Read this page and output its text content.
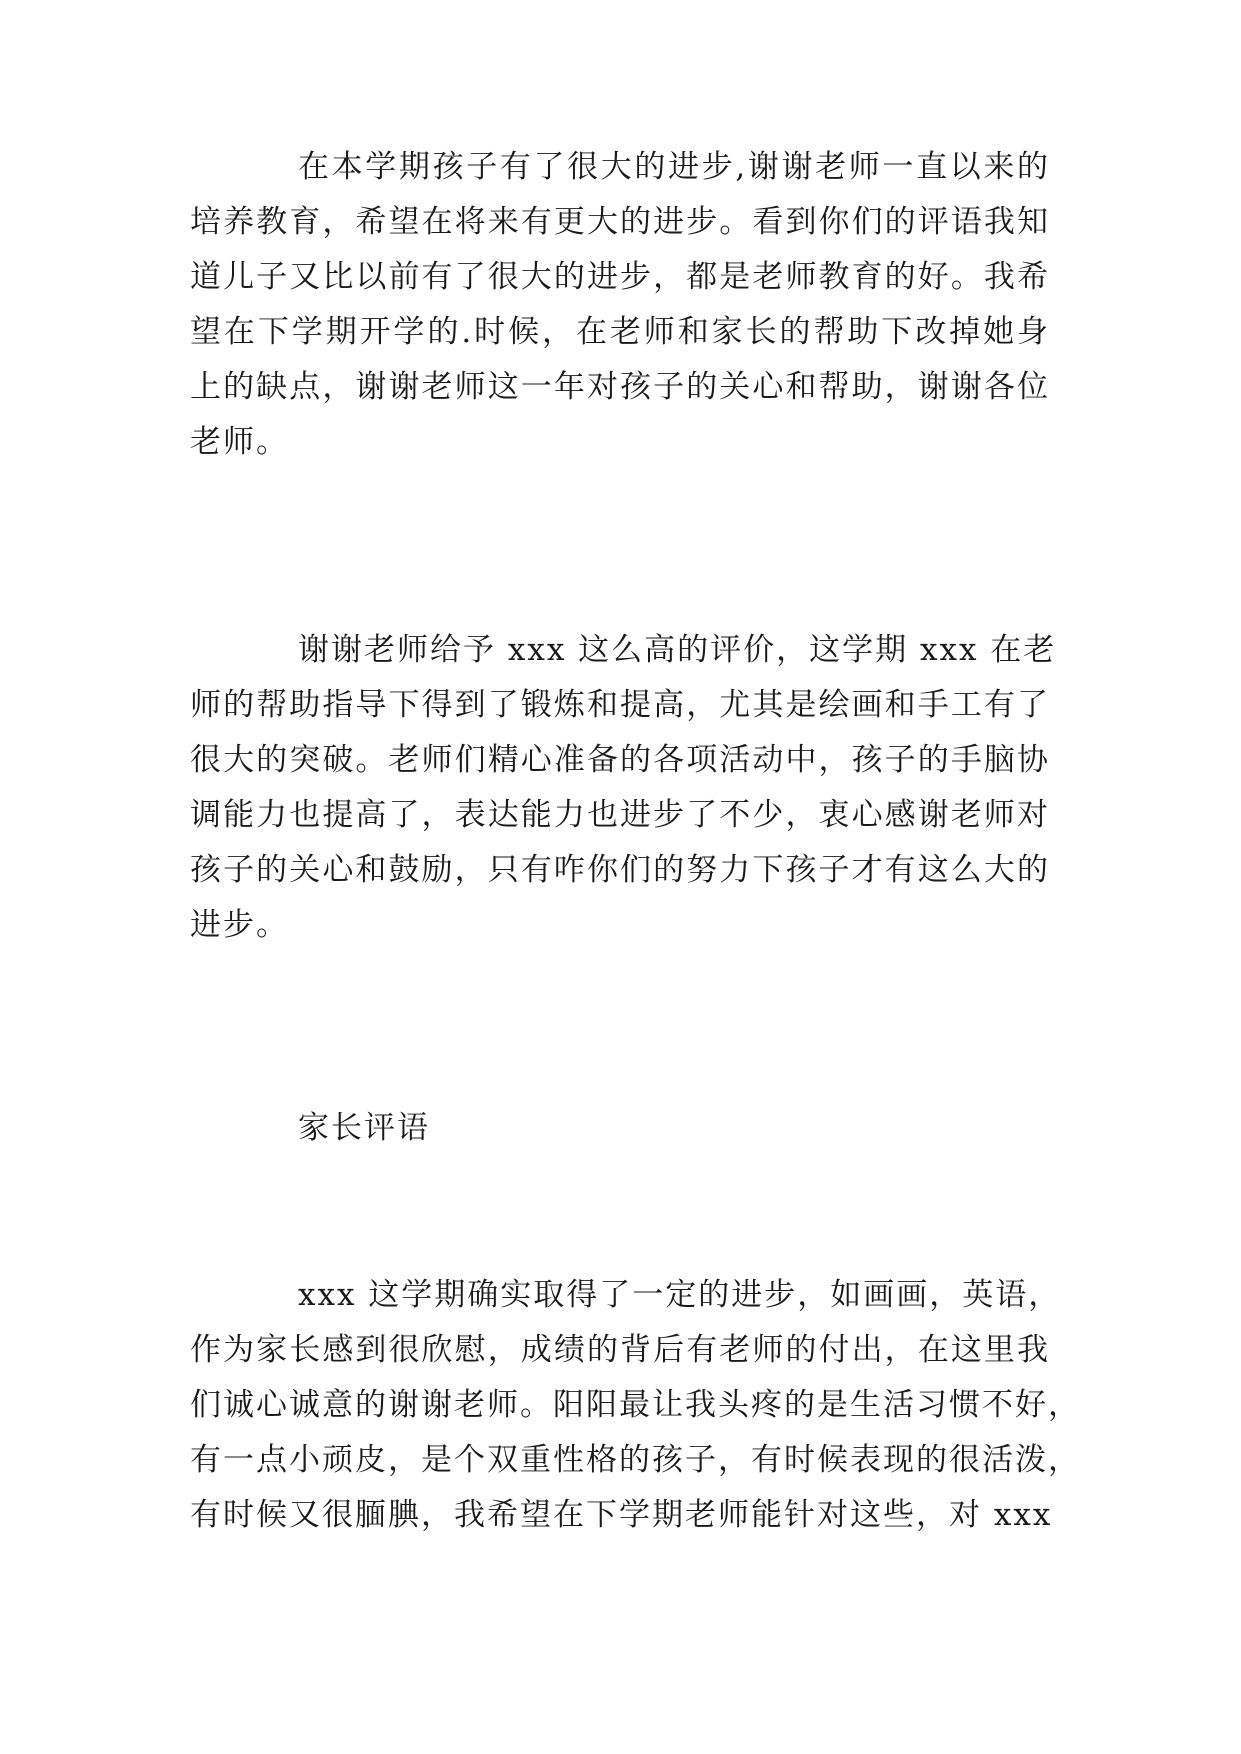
在本学期孩子有了很大的进步,谢谢老师一直以来的
培养教育，希望在将来有更大的进步。看到你们的评语我知
道儿子又比以前有了很大的进步，都是老师教育的好。我希
望在下学期开学的.时候，在老师和家长的帮助下改掉她身
上的缺点，谢谢老师这一年对孩子的关心和帮助，谢谢各位
老师。
谢谢老师给予 xxx 这么高的评价，这学期 xxx 在老
师的帮助指导下得到了锻炼和提高，尤其是绘画和手工有了
很大的突破。老师们精心准备的各项活动中，孩子的手脑协
调能力也提高了，表达能力也进步了不少，衷心感谢老师对
孩子的关心和鼓励，只有咋你们的努力下孩子才有这么大的
进步。
家长评语
xxx 这学期确实取得了一定的进步，如画画，英语，
作为家长感到很欣慰，成绩的背后有老师的付出，在这里我
们诚心诚意的谢谢老师。阳阳最让我头疼的是生活习惯不好，
有一点小顽皮，是个双重性格的孩子，有时候表现的很活泼，
有时候又很腼腆，我希望在下学期老师能针对这些，对 xxx
